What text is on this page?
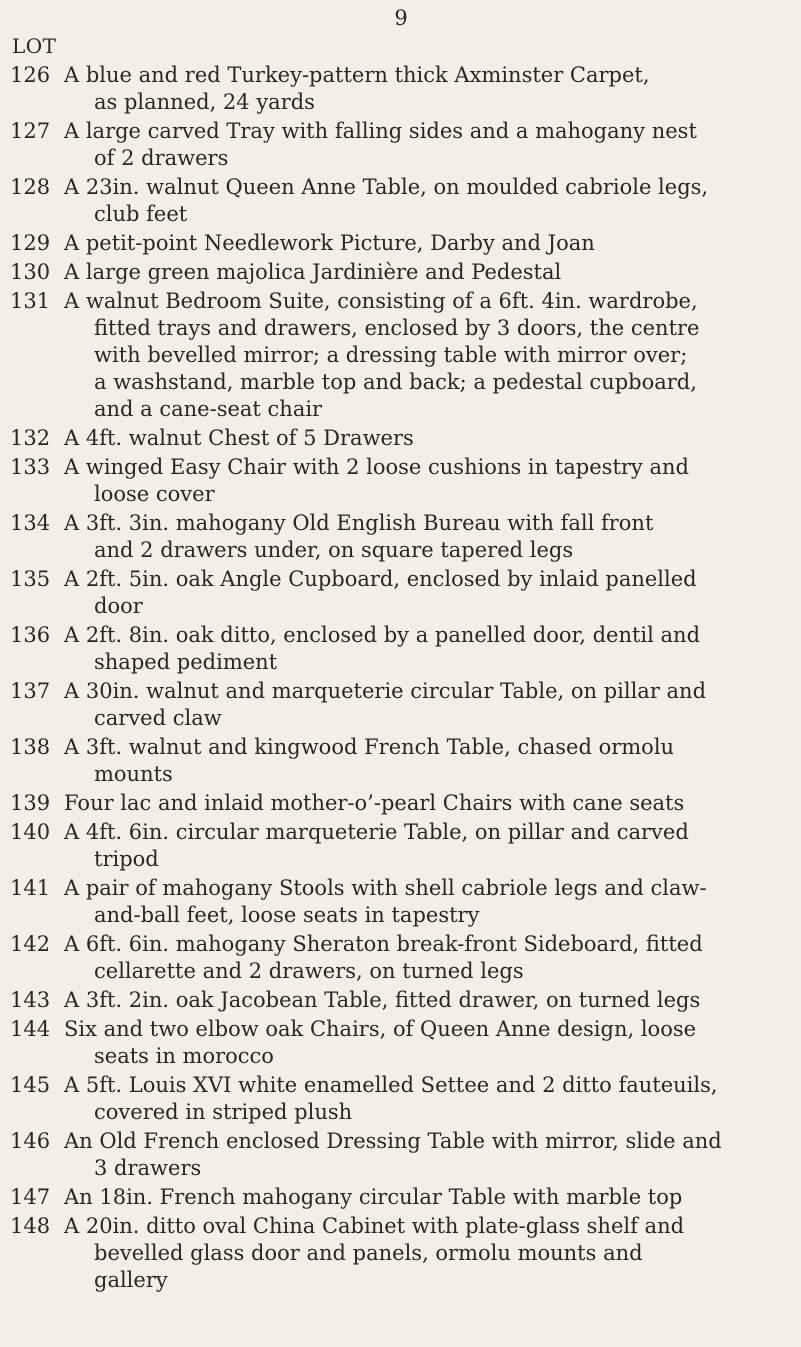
9
LOT
126 A blue and red Turkey-pattern thick Axminster Carpet,
as planned, 24 yards
127 A large carved Tray with falling sides and a mahogany nest
of 2 drawers
128 A 23in. walnut Queen Anne Table, on moulded cabriole legs,
club feet
129 A petit-point Needlework Picture, Darby and Joan
130 A large green majolica Jardinière and Pedestal
131 A walnut Bedroom Suite, consisting of a 6ft. 4in. wardrobe,
fitted trays and drawers, enclosed by 3 doors, the centre
with bevelled mirror; a dressing table with mirror over;
a washstand, marble top and back; a pedestal cupboard,
and a cane-seat chair
132 A 4ft. walnut Chest of 5 Drawers
133 A winged Easy Chair with 2 loose cushions in tapestry and
loose cover
134 A 3ft. 3in. mahogany Old English Bureau with fall front
and 2 drawers under, on square tapered legs
135 A 2ft. 5in. oak Angle Cupboard, enclosed by inlaid panelled
door
136 A 2ft. 8in. oak ditto, enclosed by a panelled door, dentil and
shaped pediment
137 A 30in. walnut and marqueterie circular Table, on pillar and
carved claw
138 A 3ft. walnut and kingwood French Table, chased ormolu
mounts
139 Four lac and inlaid mother-o’-pearl Chairs with cane seats
140 A 4ft. 6in. circular marqueterie Table, on pillar and carved
tripod
141 A pair of mahogany Stools with shell cabriole legs and claw-
and-ball feet, loose seats in tapestry
142 A 6ft. 6in. mahogany Sheraton break-front Sideboard, fitted
cellarette and 2 drawers, on turned legs
143 A 3ft. 2in. oak Jacobean Table, fitted drawer, on turned legs
144 Six and two elbow oak Chairs, of Queen Anne design, loose
seats in morocco
145 A 5ft. Louis XVI white enamelled Settee and 2 ditto fauteuils,
covered in striped plush
146 An Old French enclosed Dressing Table with mirror, slide and
3 drawers
147 An 18in. French mahogany circular Table with marble top
148 A 20in. ditto oval China Cabinet with plate-glass shelf and
bevelled glass door and panels, ormolu mounts and
gallery
